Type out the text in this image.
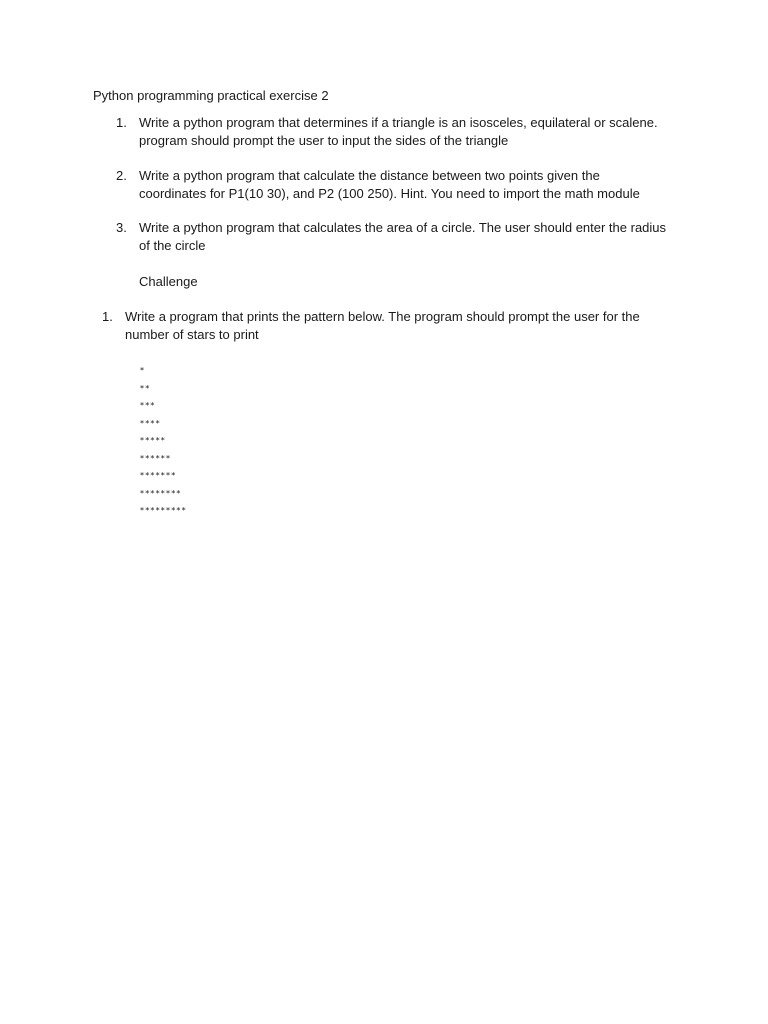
Python programming practical exercise 2
1. Write a python program that determines if a triangle is an isosceles, equilateral or scalene.
program should prompt the user to input the sides of the triangle
2. Write a python program that calculate the distance between two points given the
coordinates for P1(10 30), and P2 (100 250). Hint. You need to import the math module
3. Write a python program that calculates the area of a circle. The user should enter the radius
of the circle
Challenge
1. Write a program that prints the pattern below. The program should prompt the user for the
number of stars to print
*
**
***
****
*****
******
*******
********
*********
